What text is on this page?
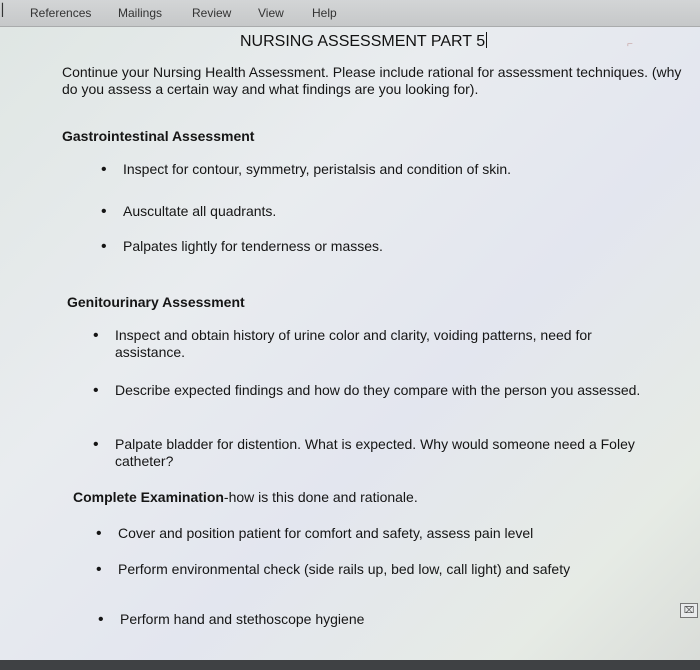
▏ References Mailings Review View Help
NURSING ASSESSMENT PART 5	⌐
Continue your Nursing Health Assessment. Please include rational for assessment techniques. (why do you assess a certain way and what findings are you looking for).
Gastrointestinal Assessment
• Inspect for contour, symmetry, peristalsis and condition of skin.
• Auscultate all quadrants.
• Palpates lightly for tenderness or masses.
Genitourinary Assessment
• Inspect and obtain history of urine color and clarity, voiding patterns, need for assistance.
• Describe expected findings and how do they compare with the person you assessed.
• Palpate bladder for distention. What is expected. Why would someone need a Foley catheter?
Complete Examination-how is this done and rationale.
• Cover and position patient for comfort and safety, assess pain level
• Perform environmental check (side rails up, bed low, call light) and safety
• Perform hand and stethoscope hygiene
⌧
